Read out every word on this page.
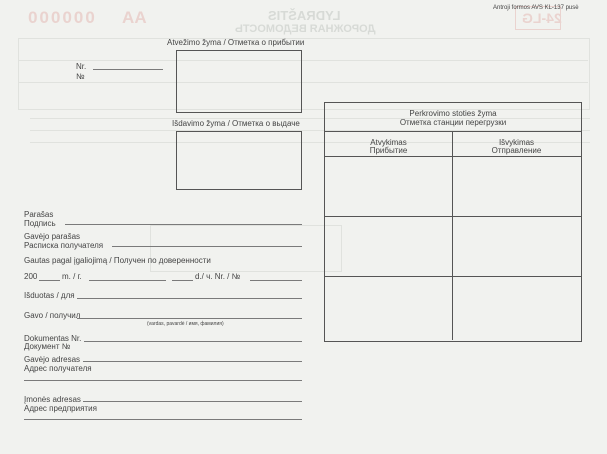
000000 AA	LYDRAŠTIS
ДОРОЖНАЯ ВЕДОМОСТЬ
24-LG
Antroji formos AVS KL-137 pusė
Atvežimo žyma / Отметка о прибытии
Nr.
№
Išdavimo žyma / Отметка о выдаче
Perkrovimo stoties žyma
Отметка станции перегрузки
Atvykimas
Прибытие
Išvykimas
Отправление
Parašas
Подпись
Gavėjo parašas
Расписка получателя
Gautas pagal įgaliojimą / Получен по доверенности
200	m. / г.	d./ ч. Nr. / №
Išduotas / для
Gavo / получил
(vardas, pavardė / имя, фамилия)
Dokumentas Nr.
Документ №
Gavėjo adresas
Адрес получателя
Įmonės adresas
Адрес предприятия
